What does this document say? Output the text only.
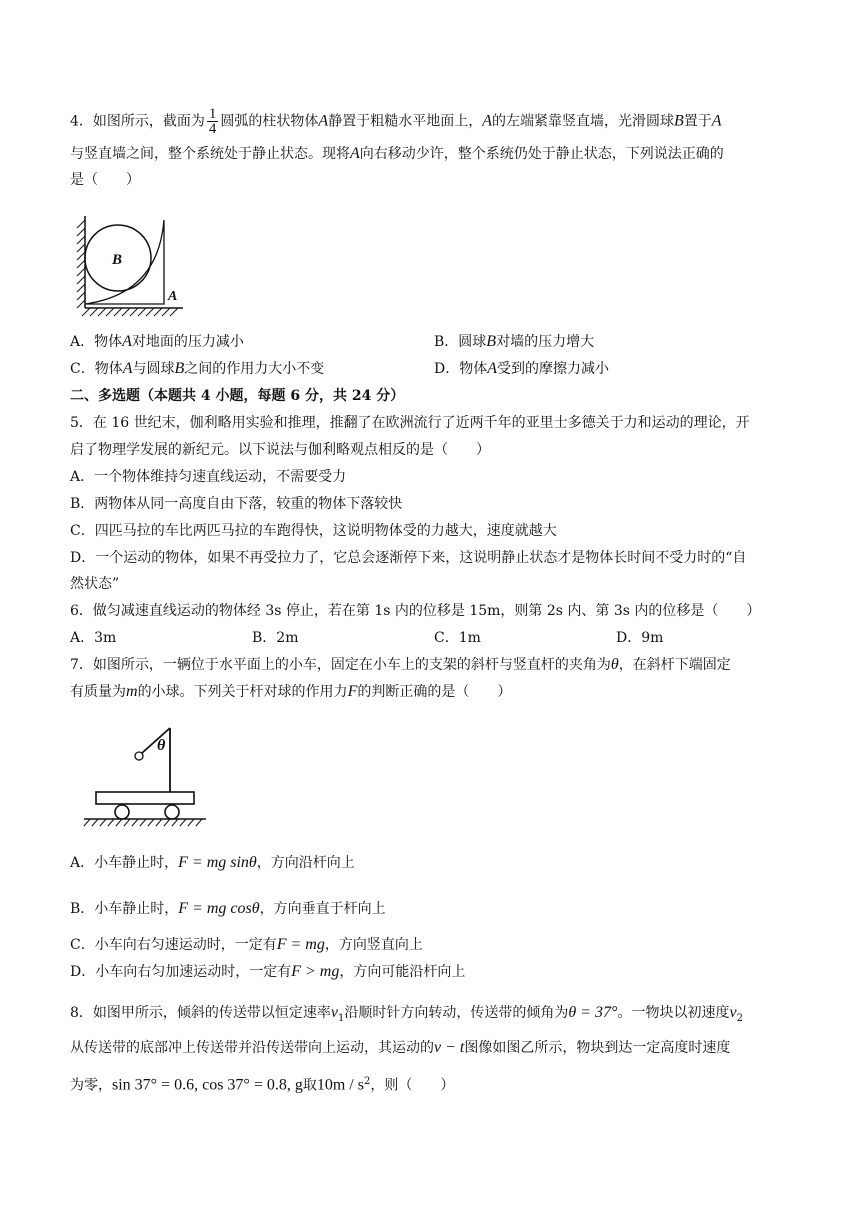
4．如图所示，截面为 $\frac{1}{4}$ 圆弧的柱状物体A静置于粗糙水平地面上，A的左端紧靠竖直墙，光滑圆球B置于A
与竖直墙之间，整个系统处于静止状态。现将A向右移动少许，整个系统仍处于静止状态，下列说法正确的
是（　　）
B
A
A．物体A对地面的压力减小	B．圆球B对墙的压力增大
C．物体A与圆球B之间的作用力大小不变	D．物体A受到的摩擦力减小
二、多选题（本题共 4 小题，每题 6 分，共 24 分）
5．在 16 世纪末，伽利略用实验和推理，推翻了在欧洲流行了近两千年的亚里士多德关于力和运动的理论，开
启了物理学发展的新纪元。以下说法与伽利略观点相反的是（　　）
A．一个物体维持匀速直线运动，不需要受力
B．两物体从同一高度自由下落，较重的物体下落较快
C．四匹马拉的车比两匹马拉的车跑得快，这说明物体受的力越大，速度就越大
D．一个运动的物体，如果不再受拉力了，它总会逐渐停下来，这说明静止状态才是物体长时间不受力时的“自
然状态”
6．做匀减速直线运动的物体经 3s 停止，若在第 1s 内的位移是 15m，则第 2s 内、第 3s 内的位移是（　　）
A．3m	B．2m	C．1m	D．9m
7．如图所示，一辆位于水平面上的小车，固定在小车上的支架的斜杆与竖直杆的夹角为θ，在斜杆下端固定
有质量为m的小球。下列关于杆对球的作用力F的判断正确的是（　　）
θ
A．小车静止时，F = mg sinθ，方向沿杆向上
B．小车静止时，F = mg cosθ，方向垂直于杆向上
C．小车向右匀速运动时，一定有F = mg，方向竖直向上
D．小车向右匀加速运动时，一定有F > mg，方向可能沿杆向上
8．如图甲所示，倾斜的传送带以恒定速率$v_1$沿顺时针方向转动，传送带的倾角为θ = 37°。一物块以初速度$v_2$
从传送带的底部冲上传送带并沿传送带向上运动，其运动的v − t图像如图乙所示，物块到达一定高度时速度
为零，sin 37° = 0.6, cos 37° = 0.8, g取$10m / s^2$，则（　　）
